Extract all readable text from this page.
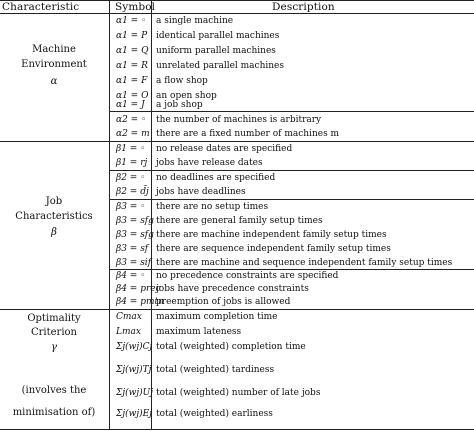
Characteristic	Symbol	Description
Machine
Environment
α
Job
Characteristics
β
Optimality
Criterion
γ
(involves the
minimisation of)
α1 = ◦
α1 = P
α1 = Q
α1 = R
α1 = F
α1 = O
α1 = J
α2 = ◦
α2 = m
β1 = ◦
β1 = rj
β2 = ◦
β2 = d̄j
β3 = ◦
β3 = sfg
β3 = sfg
β3 = sf
β3 = sif
β4 = ◦
β4 = prec
β4 = pmtn
Cmax
Lmax
Σj(wj)Cj
Σj(wj)Tj
Σj(wj)Uj
Σj(wj)Ej
a single machine
identical parallel machines
uniform parallel machines
unrelated parallel machines
a flow shop
an open shop
a job shop
the number of machines is arbitrary
there are a fixed number of machines m
no release dates are specified
jobs have release dates
no deadlines are specified
jobs have deadlines
there are no setup times
there are general family setup times
there are machine independent family setup times
there are sequence independent family setup times
there are machine and sequence independent family setup times
no precedence constraints are specified
jobs have precedence constraints
preemption of jobs is allowed
maximum completion time
maximum lateness
total (weighted) completion time
total (weighted) tardiness
total (weighted) number of late jobs
total (weighted) earliness
